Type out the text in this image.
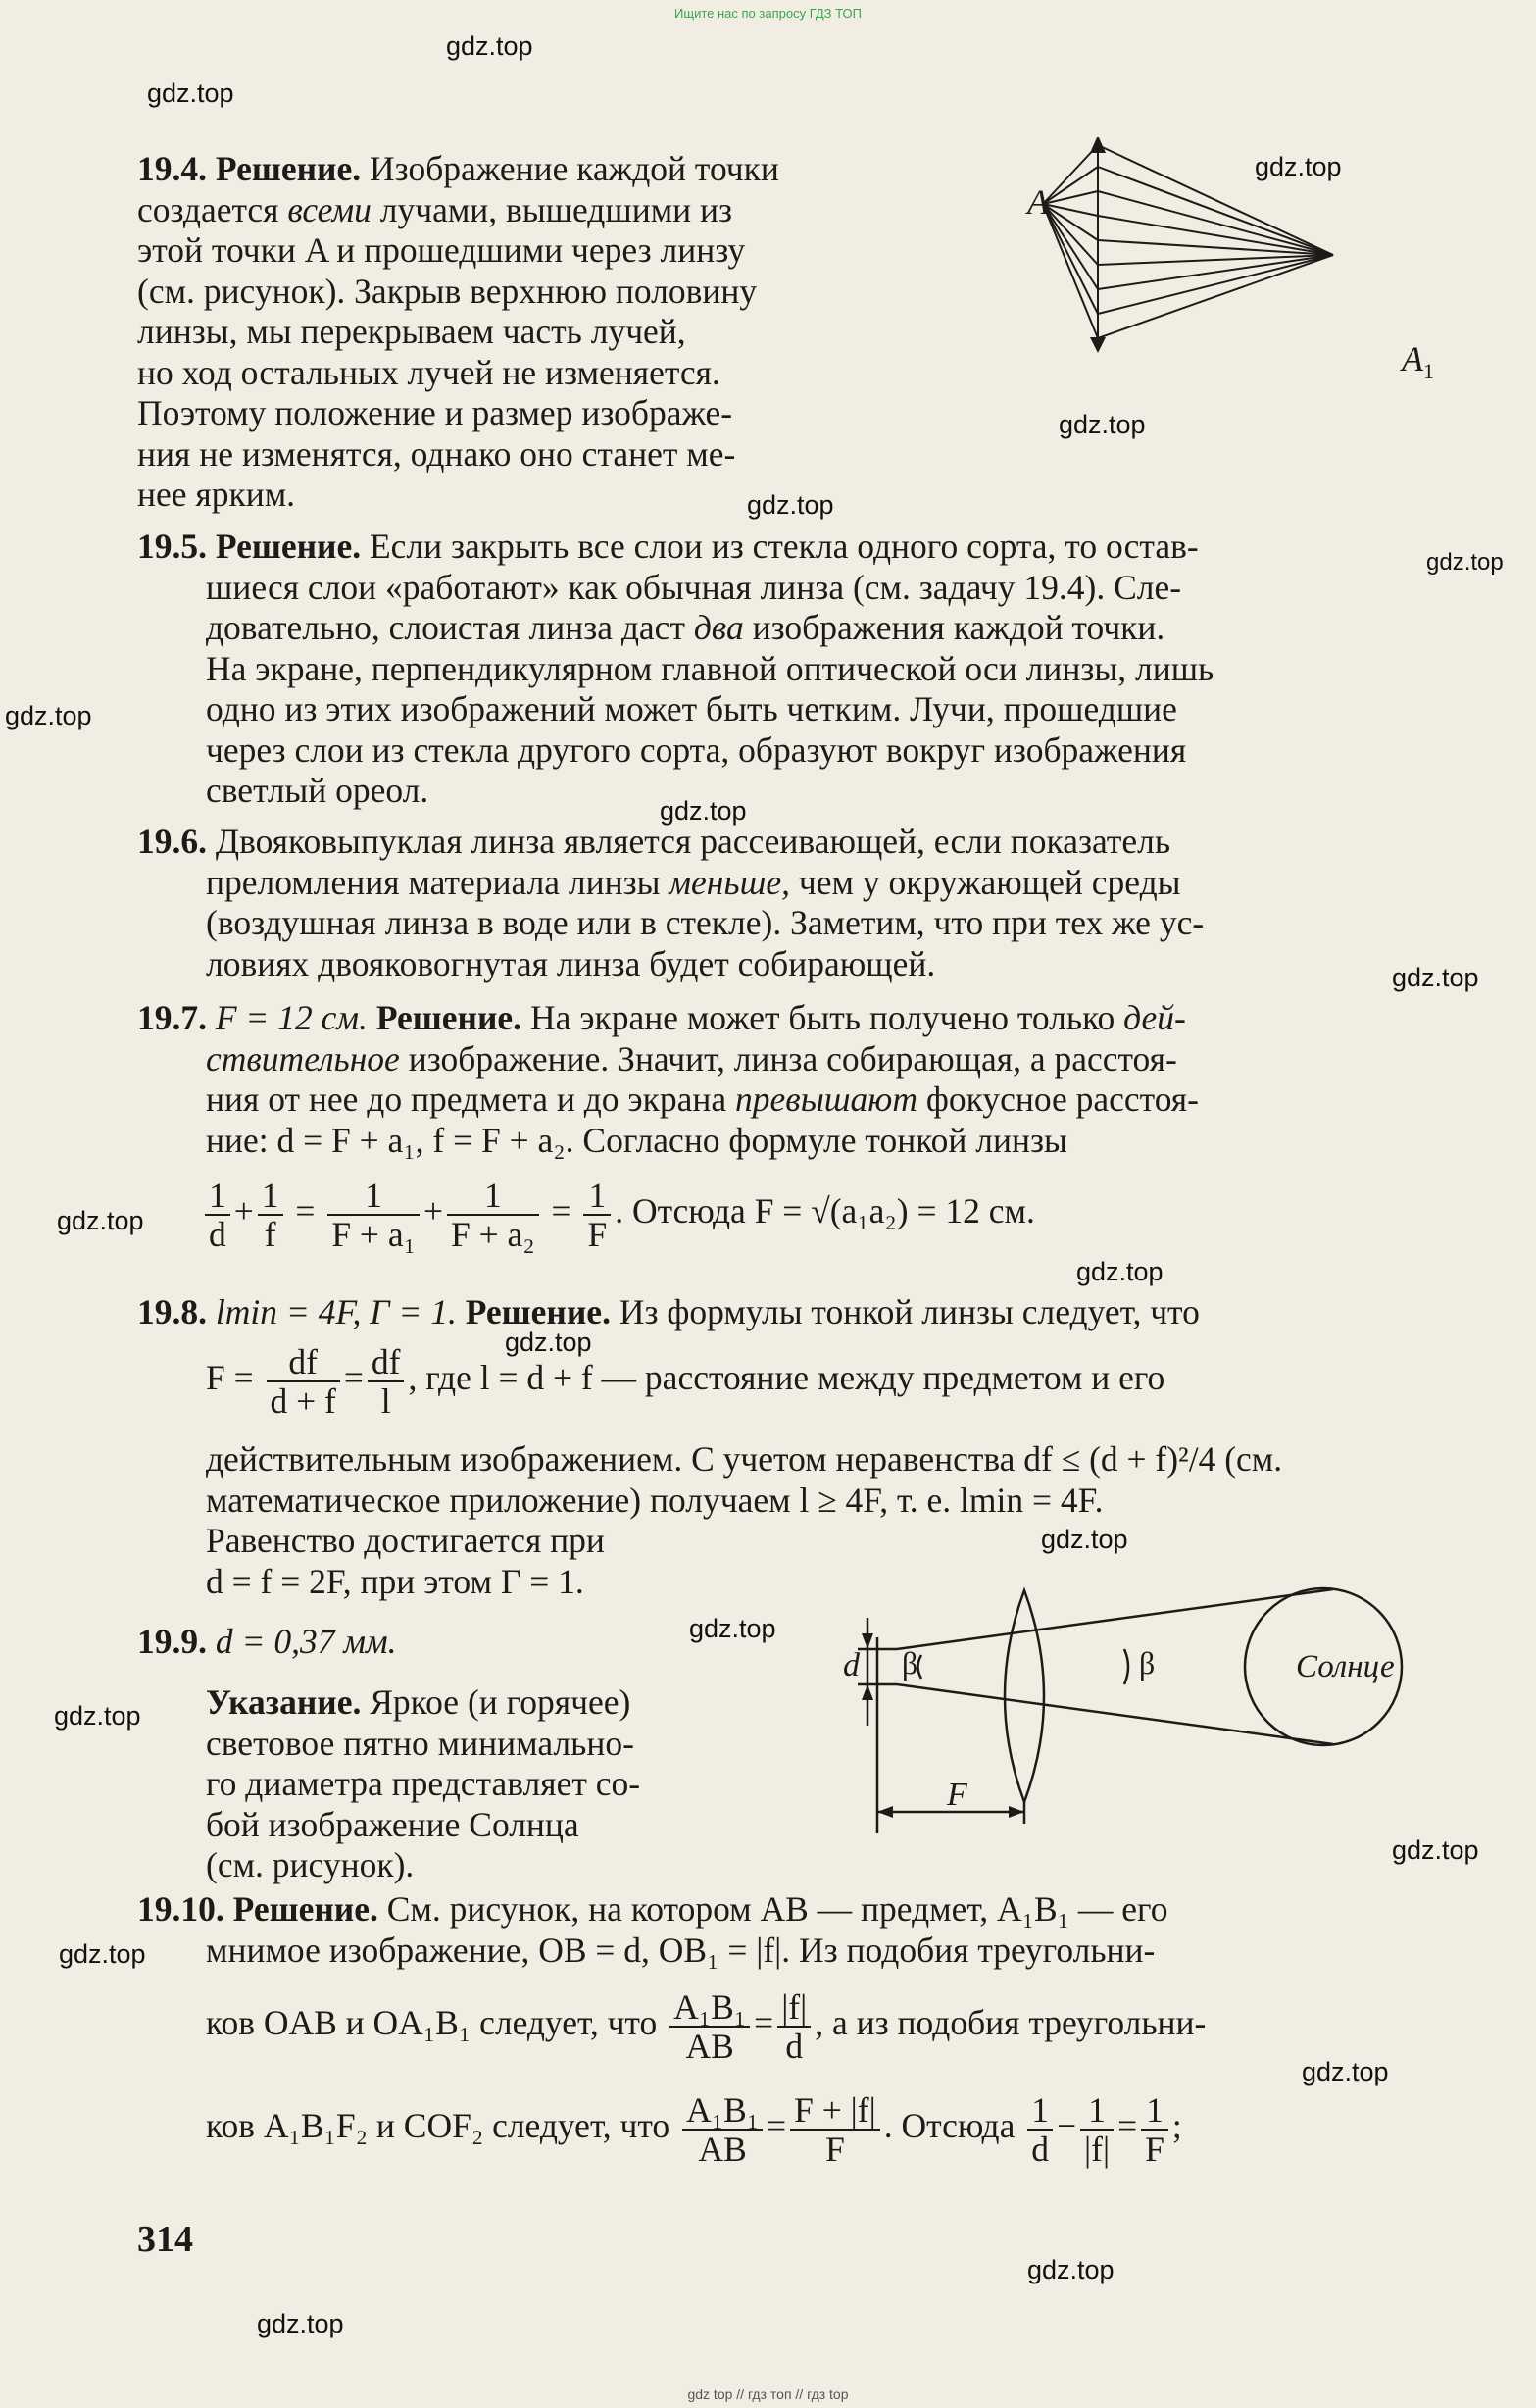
Ищите нас по запросу ГДЗ ТОП
A
$A_1$
19.4. Решение. Изображение каждой точки
создается всеми лучами, вышедшими из
этой точки A и прошедшими через линзу
(см. рисунок). Закрыв верхнюю половину
линзы, мы перекрываем часть лучей,
но ход остальных лучей не изменяется.
Поэтому положение и размер изображе-
ния не изменятся, однако оно станет ме-
нее ярким.
19.5. Решение. Если закрыть все слои из стекла одного сорта, то остав-
шиеся слои «работают» как обычная линза (см. задачу 19.4). Сле-
довательно, слоистая линза даст два изображения каждой точки.
На экране, перпендикулярном главной оптической оси линзы, лишь
одно из этих изображений может быть четким. Лучи, прошедшие
через слои из стекла другого сорта, образуют вокруг изображения
светлый ореол.
19.6. Двояковыпуклая линза является рассеивающей, если показатель
преломления материала линзы меньше, чем у окружающей среды
(воздушная линза в воде или в стекле). Заметим, что при тех же ус-
ловиях двояковогнутая линза будет собирающей.
19.7. F = 12 см. Решение. На экране может быть получено только дей-
ствительное изображение. Значит, линза собирающая, а расстоя-
ния от нее до предмета и до экрана превышают фокусное расстоя-
ние: d = F + a₁, f = F + a₂. Согласно формуле тонкой линзы
$\frac{1}{d} + \frac{1}{f} = \frac{1}{\text{F + a₁}} + \frac{1}{\text{F + a₂}} = \frac{1}{F}$ . Отсюда F = √(a₁a₂) = 12 см.
19.8. lmin = 4F, Г = 1. Решение. Из формулы тонкой линзы следует, что
$F = \frac{df}{d + f} = \frac{df}{l}$ , где l = d + f — расстояние между предметом и его
действительным изображением. С учетом неравенства df ≤ (d + f)²/4 (см.
математическое приложение) получаем l ≥ 4F, т. е. lmin = 4F.
Равенство достигается при
d = f = 2F, при этом Г = 1.
19.9. d = 0,37 мм.
Указание. Яркое (и горячее)
световое пятно минимально-
го диаметра представляет со-
бой изображение Солнца
(см. рисунок).
d β	β	Солнце
F
19.10. Решение. См. рисунок, на котором AB — предмет, A₁B₁ — его
мнимое изображение, OB = d, OB₁ = |f|. Из подобия треугольни-
ков OAB и OA₁B₁ следует, что $\frac{\text{A₁B₁}}{AB} = \frac{|f|}{d}$ , а из подобия треугольни-
ков A₁B₁F₂ и COF₂ следует, что $\frac{\text{A₁B₁}}{AB} = \frac{F + |f|}{F}$ . Отсюда $\frac{1}{d} - \frac{1}{|f|} = \frac{1}{F}$ ;
314
gdz.top
gdz.top
gdz.top
gdz.top
gdz.top
gdz.top
gdz.top
gdz.top
gdz.top
gdz.top
gdz.top
gdz.top
gdz.top
gdz.top
gdz.top
gdz.top
gdz.top
gdz.top
gdz.top
gdz.top
gdz top // гдз топ // гдз top
